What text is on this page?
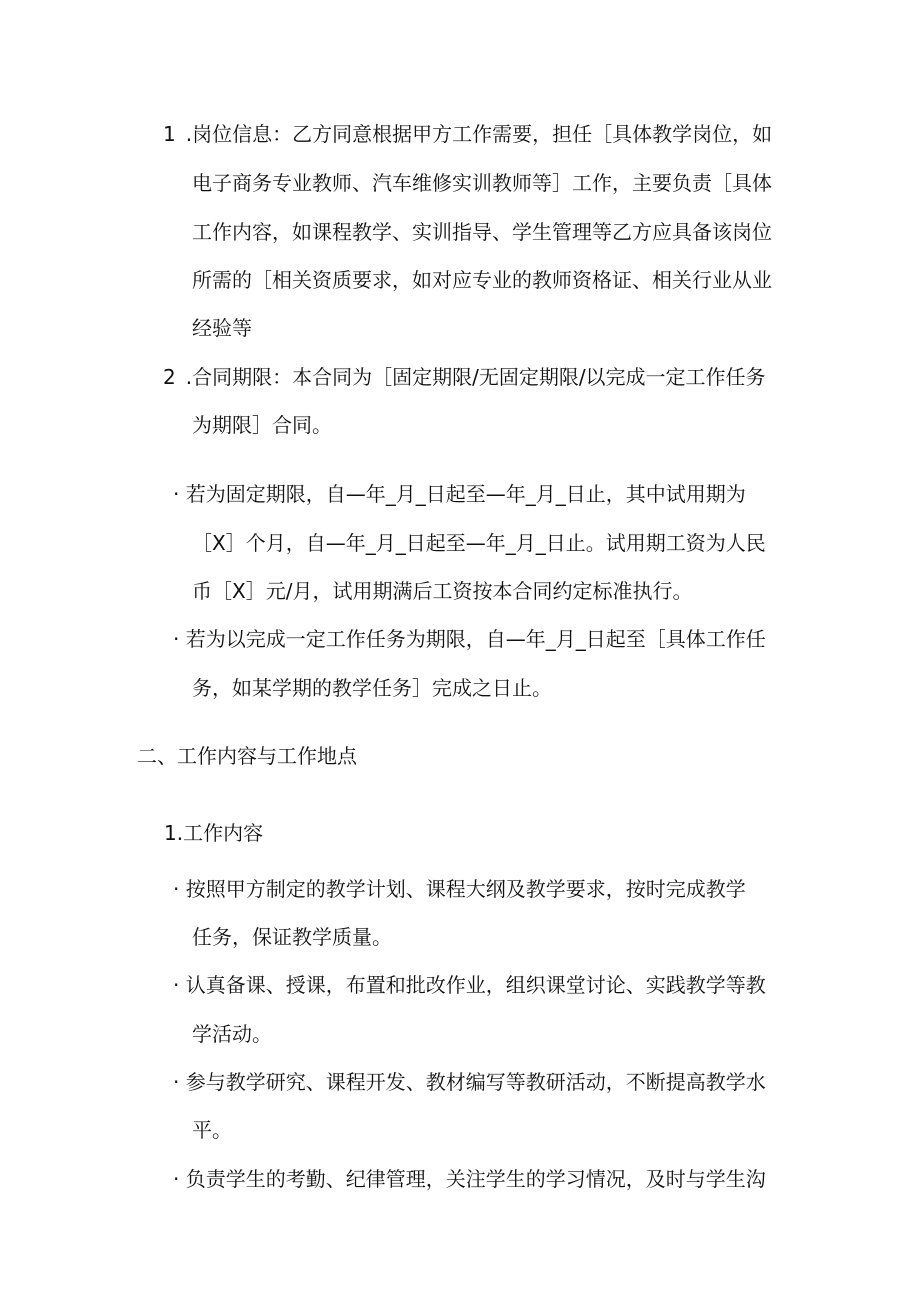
1 .岗位信息：乙方同意根据甲方工作需要，担任［具体教学岗位，如
电子商务专业教师、汽车维修实训教师等］工作，主要负责［具体
工作内容，如课程教学、实训指导、学生管理等乙方应具备该岗位
所需的［相关资质要求，如对应专业的教师资格证、相关行业从业
经验等
2 .合同期限：本合同为［固定期限/无固定期限/以完成一定工作任务
为期限］合同。
· 若为固定期限，自—年_月_日起至—年_月_日止，其中试用期为
［X］个月，自—年_月_日起至—年_月_日止。试用期工资为人民
币［X］元/月，试用期满后工资按本合同约定标准执行。
· 若为以完成一定工作任务为期限，自—年_月_日起至［具体工作任
务，如某学期的教学任务］完成之日止。
二、工作内容与工作地点
1.工作内容
· 按照甲方制定的教学计划、课程大纲及教学要求，按时完成教学
任务，保证教学质量。
· 认真备课、授课，布置和批改作业，组织课堂讨论、实践教学等教
学活动。
· 参与教学研究、课程开发、教材编写等教研活动，不断提高教学水
平。
· 负责学生的考勤、纪律管理，关注学生的学习情况，及时与学生沟
